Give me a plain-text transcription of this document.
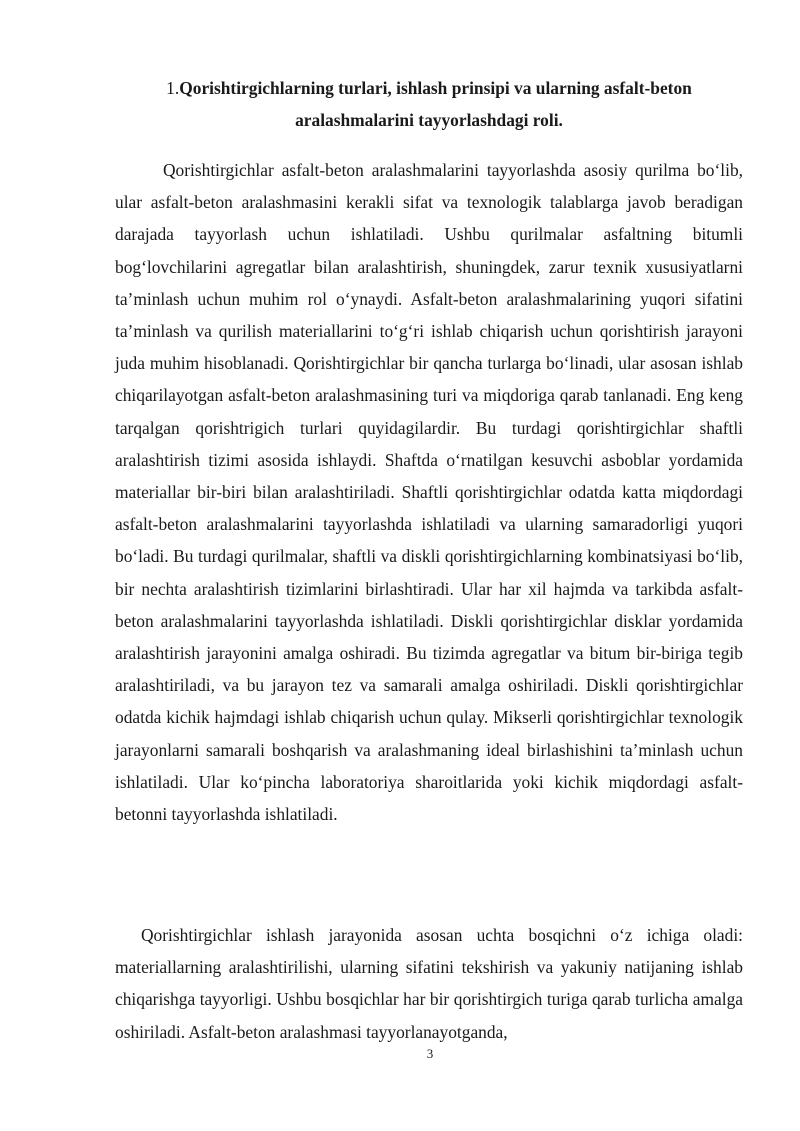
1.Qorishtirgichlarning turlari, ishlash prinsipi va ularning asfalt-beton aralashmalarini tayyorlashdagi roli.

Qorishtirgichlar asfalt-beton aralashmalarini tayyorlashda asosiy qurilma bo‘lib, ular asfalt-beton aralashmasini kerakli sifat va texnologik talablarga javob beradigan darajada tayyorlash uchun ishlatiladi. Ushbu qurilmalar asfaltning bitumli bog‘lovchilarini agregatlar bilan aralashtirish, shuningdek, zarur texnik xususiyatlarni ta’minlash uchun muhim rol o‘ynaydi. Asfalt-beton aralashmalarining yuqori sifatini ta’minlash va qurilish materiallarini to‘g‘ri ishlab chiqarish uchun qorishtirish jarayoni juda muhim hisoblanadi. Qorishtirgichlar bir qancha turlarga bo‘linadi, ular asosan ishlab chiqarilayotgan asfalt-beton aralashmasining turi va miqdoriga qarab tanlanadi. Eng keng tarqalgan qorishtrigich turlari quyidagilardir. Bu turdagi qorishtirgichlar shaftli aralashtirish tizimi asosida ishlaydi. Shaftda o‘rnatilgan kesuvchi asboblar yordamida materiallar bir-biri bilan aralashtiriladi. Shaftli qorishtirgichlar odatda katta miqdordagi asfalt-beton aralashmalarini tayyorlashda ishlatiladi va ularning samaradorligi yuqori bo‘ladi. Bu turdagi qurilmalar, shaftli va diskli qorishtirgichlarning kombinatsiyasi bo‘lib, bir nechta aralashtirish tizimlarini birlashtiradi. Ular har xil hajmda va tarkibda asfalt-beton aralashmalarini tayyorlashda ishlatiladi. Diskli qorishtirgichlar disklar yordamida aralashtirish jarayonini amalga oshiradi. Bu tizimda agregatlar va bitum bir-biriga tegib aralashtiriladi, va bu jarayon tez va samarali amalga oshiriladi. Diskli qorishtirgichlar odatda kichik hajmdagi ishlab chiqarish uchun qulay. Mikserli qorishtirgichlar texnologik jarayonlarni samarali boshqarish va aralashmaning ideal birlashishini ta’minlash uchun ishlatiladi. Ular ko‘pincha laboratoriya sharoitlarida yoki kichik miqdordagi asfalt-betonni tayyorlashda ishlatiladi.

Qorishtirgichlar ishlash jarayonida asosan uchta bosqichni o‘z ichiga oladi: materiallarning aralashtirilishi, ularning sifatini tekshirish va yakuniy natijaning ishlab chiqarishga tayyorligi. Ushbu bosqichlar har bir qorishtirgich turiga qarab turlicha amalga oshiriladi. Asfalt-beton aralashmasi tayyorlanayotganda,

3
